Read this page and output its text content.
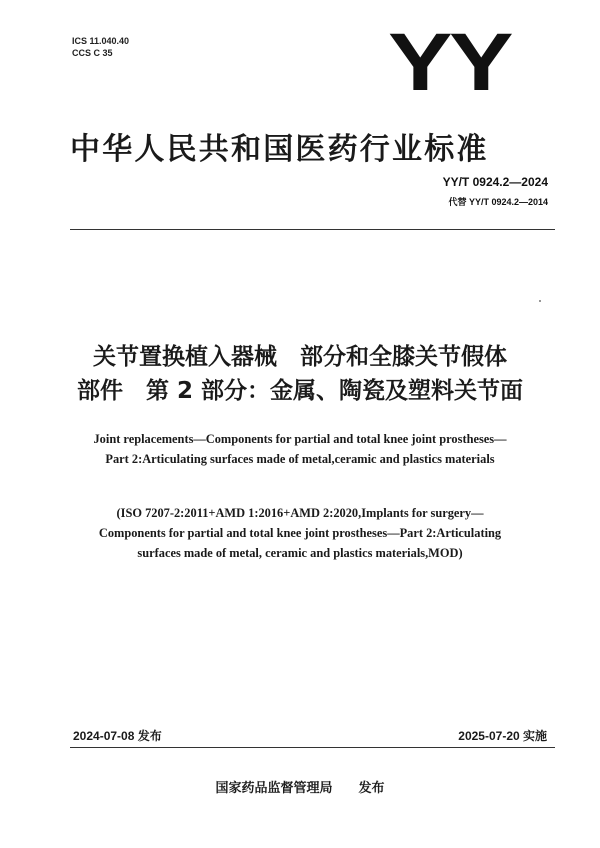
ICS 11.040.40
CCS C 35	YY
中华人民共和国医药行业标准
YY/T 0924.2—2024
代替 YY/T 0924.2—2014
关节置换植入器械　部分和全膝关节假体
部件　第 2 部分：金属、陶瓷及塑料关节面
Joint replacements—Components for partial and total knee joint prostheses—
Part 2:Articulating surfaces made of metal,ceramic and plastics materials
(ISO 7207-2:2011+AMD 1:2016+AMD 2:2020,Implants for surgery—
Components for partial and total knee joint prostheses—Part 2:Articulating
surfaces made of metal, ceramic and plastics materials,MOD)
2024-07-08 发布	2025-07-20 实施
国家药品监督管理局 发布
